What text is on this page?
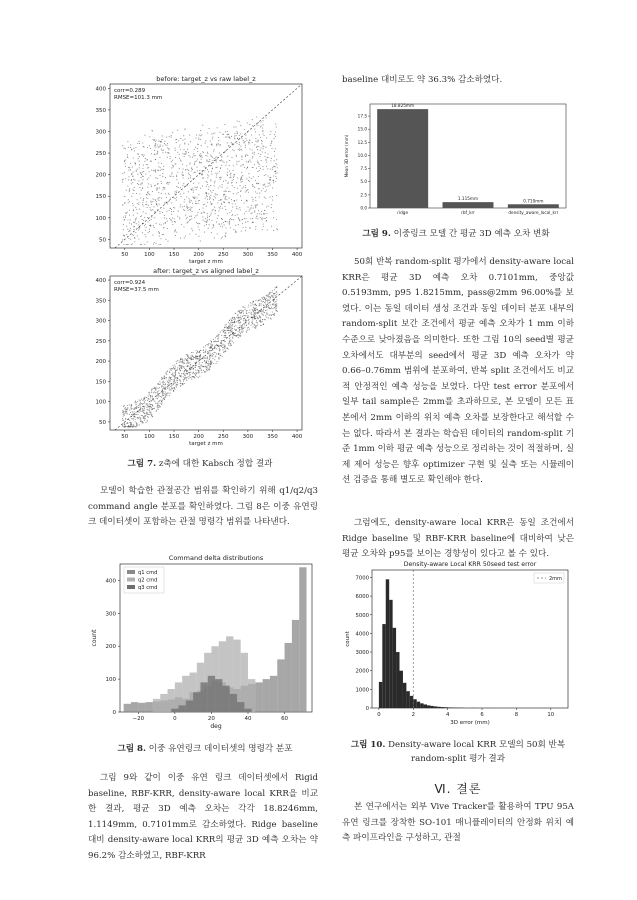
before: target_z vs raw label_z
50	100	150	200	250	300	350	400
50
100
150
200
250
300
350
400
target z mm
corr=0.289
RMSE=101.3 mm
after: target_z vs aligned label_z
50	100	150	200	250	300	350	400
50
100
150
200
250
300
350
400
target z mm
corr=0.924
RMSE=37.5 mm
그림 7. z축에 대한 Kabsch 정합 결과
모델이 학습한 관절공간 범위를 확인하기 위해 q1/q2/q3 command angle 분포를 확인하였다. 그림 8은 이중 유연링크 데이터셋이 포함하는 관절 명령각 범위를 나타낸다.
Command delta distributions
−20	0	20	40	60
0
100
200
300
400
deg
count
q1 cmd
q2 cmd
q3 cmd
그림 8. 이중 유연링크 데이터셋의 명령각 분포
그림 9와 같이 이중 유연 링크 데이터셋에서 Rigid baseline, RBF-KRR, density-aware local KRR을 비교한 결과, 평균 3D 예측 오차는 각각 18.8246mm, 1.1149mm, 0.7101mm로 감소하였다. Ridge baseline 대비 density-aware local KRR의 평균 3D 예측 오차는 약 96.2% 감소하였고, RBF-KRR
baseline 대비로도 약 36.3% 감소하였다.
18.825mm
ridge
1.115mm
rbf_krr
0.710mm
density_aware_local_krr
0.0
2.5
5.0
7.5
10.0
12.5
15.0
17.5
Mean 3D error (mm)
그림 9. 이중링크 모델 간 평균 3D 예측 오차 변화
50회 반복 random-split 평가에서 density-aware local KRR은 평균 3D 예측 오차 0.7101mm, 중앙값 0.5193mm, p95 1.8215mm, pass@2mm 96.00%를 보였다. 이는 동일 데이터 생성 조건과 동일 데이터 분포 내부의 random-split 보간 조건에서 평균 예측 오차가 1 mm 이하 수준으로 낮아졌음을 의미한다. 또한 그림 10의 seed별 평균 오차에서도 대부분의 seed에서 평균 3D 예측 오차가 약 0.66–0.76mm 범위에 분포하여, 반복 split 조건에서도 비교적 안정적인 예측 성능을 보였다. 다만 test error 분포에서 일부 tail sample은 2mm를 초과하므로, 본 모델이 모든 표본에서 2mm 이하의 위치 예측 오차를 보장한다고 해석할 수는 없다. 따라서 본 결과는 학습된 데이터의 random-split 기준 1mm 이하 평균 예측 성능으로 정리하는 것이 적절하며, 실제 제어 성능은 향후 optimizer 구현 및 실측 또는 시뮬레이션 검증을 통해 별도로 확인해야 한다.
그럼에도, density-aware local KRR은 동일 조건에서 Ridge baseline 및 RBF-KRR baseline에 대비하여 낮은 평균 오차와 p95를 보이는 경향성이 있다고 볼 수 있다.
Density-aware Local KRR 50seed test error
0	2	4	6	8	10
0
1000
2000
3000
4000
5000
6000
7000
3D error (mm)
count
2mm
그림 10. Density-aware local KRR 모델의 50회 반복 random-split 평가 결과
Ⅵ. 결론
본 연구에서는 외부 Vive Tracker를 활용하여 TPU 95A 유연 링크를 장착한 SO-101 매니퓰레이터의 안정화 위치 예측 파이프라인을 구성하고, 관절
